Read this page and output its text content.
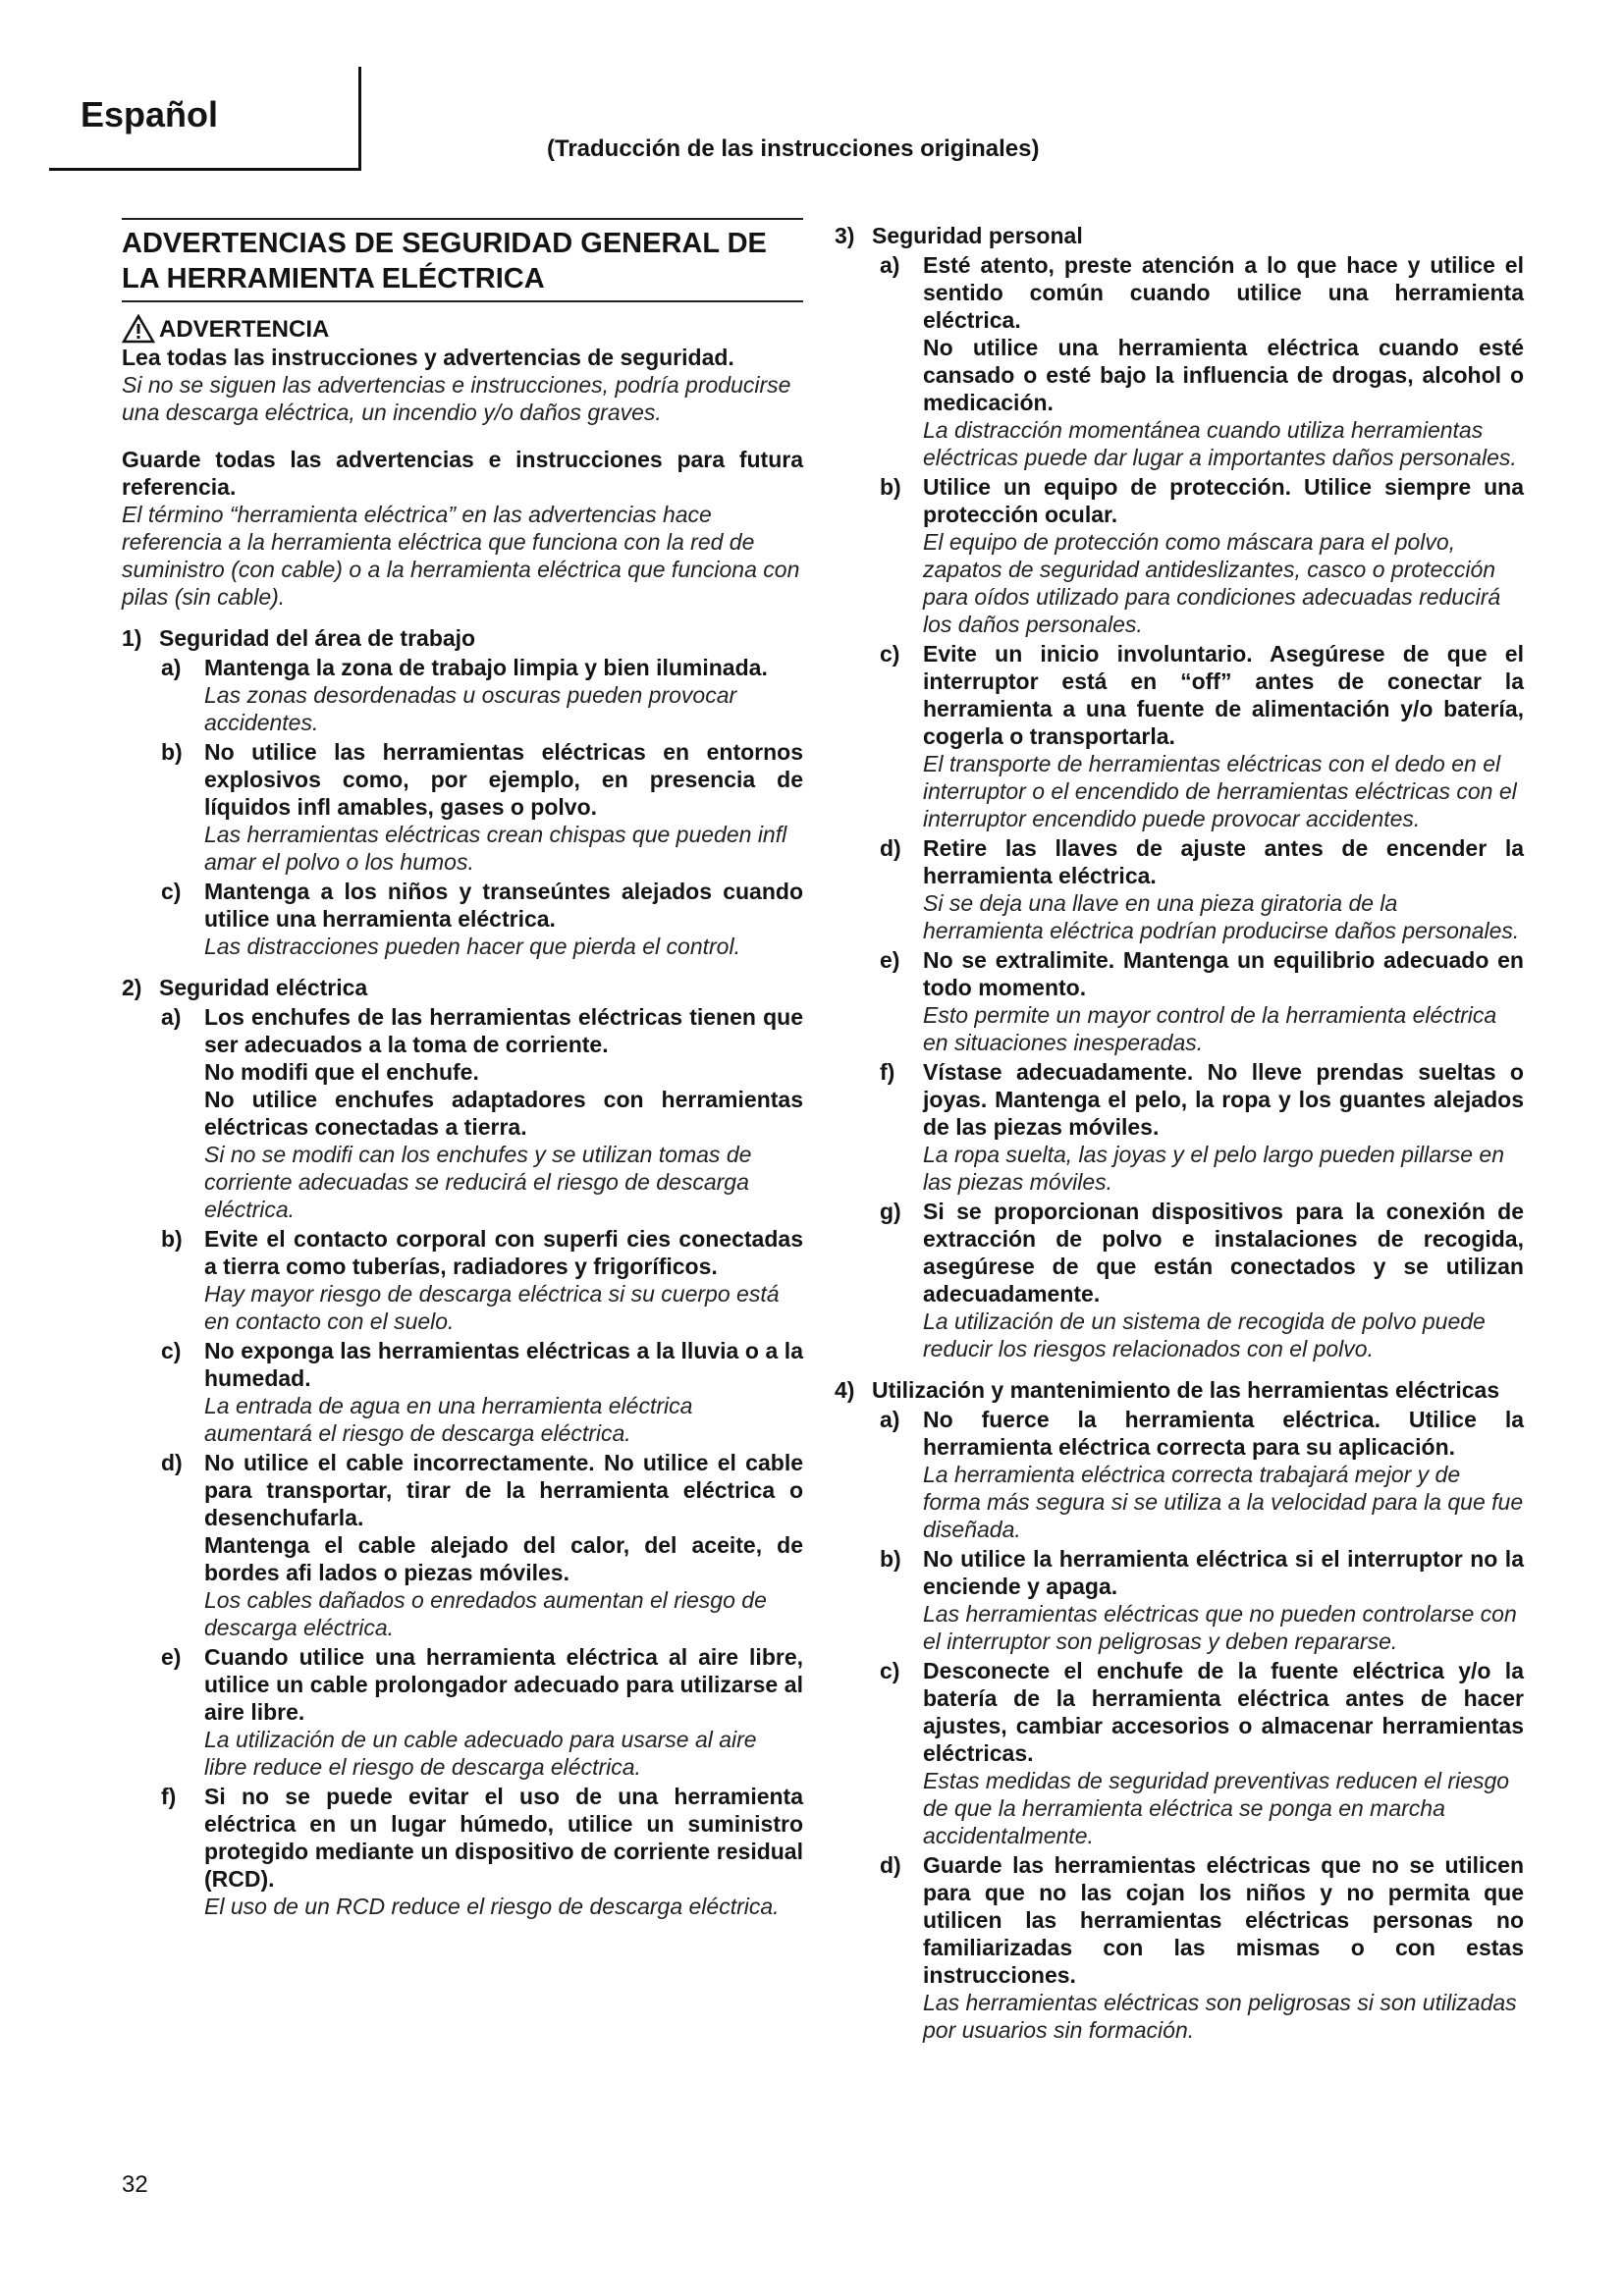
Español
(Traducción de las instrucciones originales)
ADVERTENCIAS DE SEGURIDAD GENERAL DE LA HERRAMIENTA ELÉCTRICA
ADVERTENCIA

Lea todas las instrucciones y advertencias de seguridad.

Si no se siguen las advertencias e instrucciones, podría producirse una descarga eléctrica, un incendio y/o daños graves.

Guarde todas las advertencias e instrucciones para futura referencia.

El término “herramienta eléctrica” en las advertencias hace referencia a la herramienta eléctrica que funciona con la red de suministro (con cable) o a la herramienta eléctrica que funciona con pilas (sin cable).

1) Seguridad del área de trabajo
a)	Mantenga la zona de trabajo limpia y bien iluminada.

Las zonas desordenadas u oscuras pueden provocar accidentes.

b) No utilice las herramientas eléctricas en entornos explosivos como, por ejemplo, en presencia de líquidos infl amables, gases o polvo.

Las herramientas eléctricas crean chispas que pueden infl amar el polvo o los humos.

c)	Mantenga a los niños y transeúntes alejados cuando utilice una herramienta eléctrica.

Las distracciones pueden hacer que pierda el control.

2) Seguridad eléctrica
a)	Los enchufes de las herramientas eléctricas tienen que ser adecuados a la toma de corriente.

No modifi que el enchufe.

No utilice enchufes adaptadores con herramientas eléctricas conectadas a tierra.

Si no se modifi can los enchufes y se utilizan tomas de corriente adecuadas se reducirá el riesgo de descarga eléctrica.

b) Evite el contacto corporal con superfi cies conectadas a tierra como tuberías, radiadores y frigoríficos.

Hay mayor riesgo de descarga eléctrica si su cuerpo está en contacto con el suelo.

c)	No exponga las herramientas eléctricas a la lluvia o a la humedad.

La entrada de agua en una herramienta eléctrica aumentará el riesgo de descarga eléctrica.

d) No utilice el cable incorrectamente. No utilice el cable para transportar, tirar de la herramienta eléctrica o desenchufarla.

Mantenga el cable alejado del calor, del aceite, de bordes afi lados o piezas móviles.

Los cables dañados o enredados aumentan el riesgo de descarga eléctrica.

e)	Cuando utilice una herramienta eléctrica al aire libre, utilice un cable prolongador adecuado para utilizarse al aire libre.

La utilización de un cable adecuado para usarse al aire libre reduce el riesgo de descarga eléctrica.

f)	Si no se puede evitar el uso de una herramienta eléctrica en un lugar húmedo, utilice un suministro protegido mediante un dispositivo de corriente residual (RCD).

El uso de un RCD reduce el riesgo de descarga eléctrica.

3) Seguridad personal
a)	Esté atento, preste atención a lo que hace y utilice el sentido común cuando utilice una herramienta eléctrica.

No utilice una herramienta eléctrica cuando esté cansado o esté bajo la influencia de drogas, alcohol o medicación.

La distracción momentánea cuando utiliza herramientas eléctricas puede dar lugar a importantes daños personales.

b) Utilice un equipo de protección. Utilice siempre una protección ocular.

El equipo de protección como máscara para el polvo, zapatos de seguridad antideslizantes, casco o protección para oídos utilizado para condiciones adecuadas reducirá los daños personales.

c)	Evite un inicio involuntario. Asegúrese de que el interruptor está en “off” antes de conectar la herramienta a una fuente de alimentación y/o batería, cogerla o transportarla.

El transporte de herramientas eléctricas con el dedo en el interruptor o el encendido de herramientas eléctricas con el interruptor encendido puede provocar accidentes.

d) Retire las llaves de ajuste antes de encender la herramienta eléctrica.

Si se deja una llave en una pieza giratoria de la herramienta eléctrica podrían producirse daños personales.

e)	No se extralimite. Mantenga un equilibrio adecuado en todo momento.

Esto permite un mayor control de la herramienta eléctrica en situaciones inesperadas.

f)	Vístase adecuadamente. No lleve prendas sueltas o joyas. Mantenga el pelo, la ropa y los guantes alejados de las piezas móviles.

La ropa suelta, las joyas y el pelo largo pueden pillarse en las piezas móviles.

g) Si se proporcionan dispositivos para la conexión de extracción de polvo e instalaciones de recogida, asegúrese de que están conectados y se utilizan adecuadamente.

La utilización de un sistema de recogida de polvo puede reducir los riesgos relacionados con el polvo.

4) Utilización y mantenimiento de las herramientas eléctricas
a)	No fuerce la herramienta eléctrica. Utilice la herramienta eléctrica correcta para su aplicación.

La herramienta eléctrica correcta trabajará mejor y de forma más segura si se utiliza a la velocidad para la que fue diseñada.

b) No utilice la herramienta eléctrica si el interruptor no la enciende y apaga.

Las herramientas eléctricas que no pueden controlarse con el interruptor son peligrosas y deben repararse.

c)	Desconecte el enchufe de la fuente eléctrica y/o la batería de la herramienta eléctrica antes de hacer ajustes, cambiar accesorios o almacenar herramientas eléctricas.

Estas medidas de seguridad preventivas reducen el riesgo de que la herramienta eléctrica se ponga en marcha accidentalmente.

d) Guarde las herramientas eléctricas que no se utilicen para que no las cojan los niños y no permita que utilicen las herramientas eléctricas personas no familiarizadas con las mismas o con estas instrucciones.

Las herramientas eléctricas son peligrosas si son utilizadas por usuarios sin formación.

32
